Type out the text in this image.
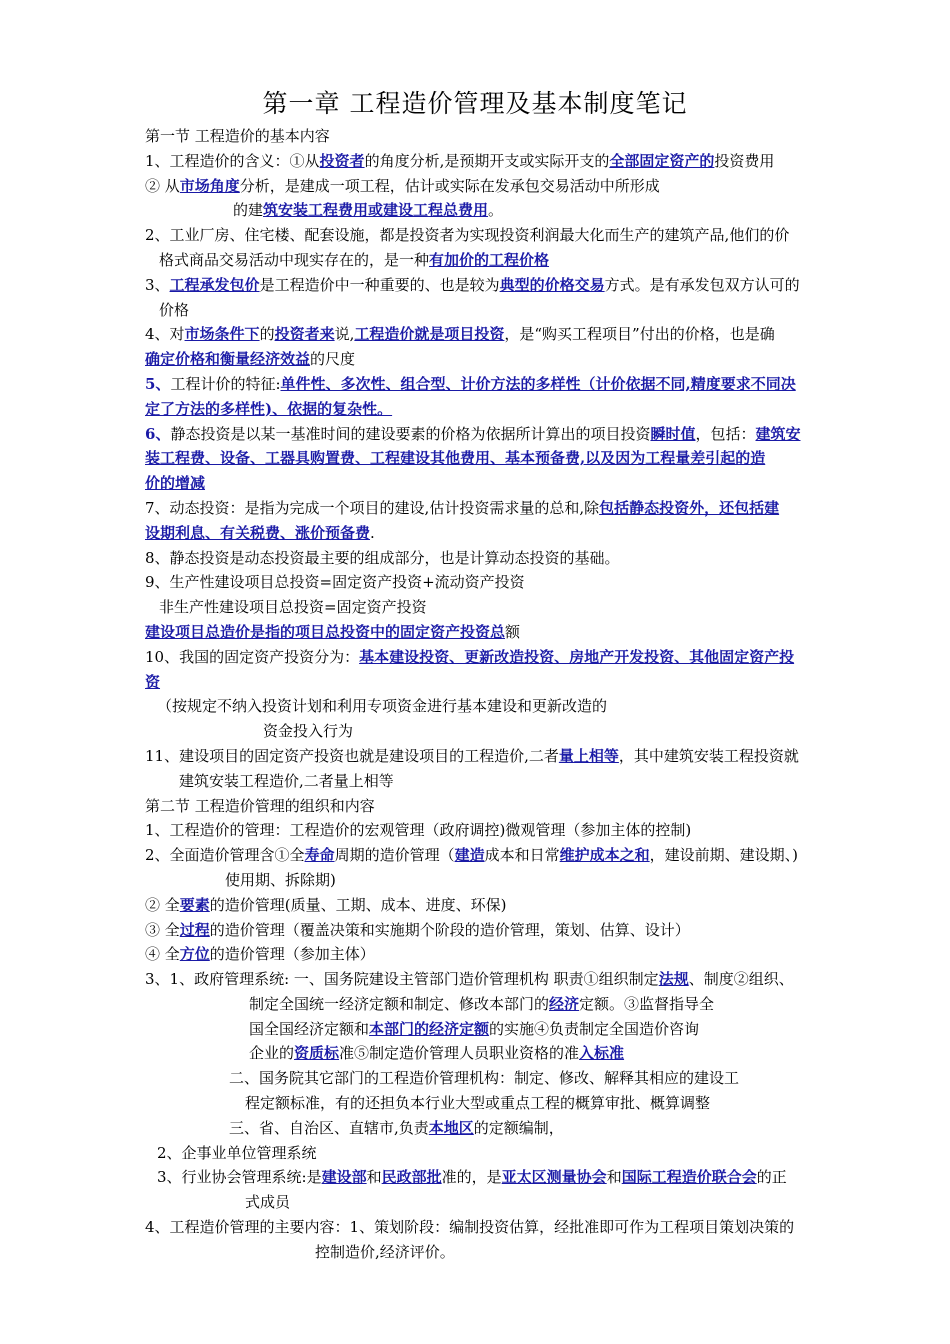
第一章 工程造价管理及基本制度笔记
第一节 工程造价的基本内容
1、工程造价的含义：①从投资者的角度分析,是预期开支或实际开支的全部固定资产的投资费用
② 从市场角度分析，是建成一项工程，估计或实际在发承包交易活动中所形成
的建筑安装工程费用或建设工程总费用。
2、工业厂房、住宅楼、配套设施，都是投资者为实现投资利润最大化而生产的建筑产品,他们的价
格式商品交易活动中现实存在的，是一种有加价的工程价格
3、工程承发包价是工程造价中一种重要的、也是较为典型的价格交易方式。是有承发包双方认可的
价格
4、对市场条件下的投资者来说,工程造价就是项目投资，是“购买工程项目”付出的价格，也是确
确定价格和衡量经济效益的尺度
5、工程计价的特征:单件性、多次性、组合型、计价方法的多样性（计价依据不同,精度要求不同决
定了方法的多样性)、依据的复杂性。
6、静态投资是以某一基准时间的建设要素的价格为依据所计算出的项目投资瞬时值，包括：建筑安
装工程费、设备、工器具购置费、工程建设其他费用、基本预备费,以及因为工程量差引起的造
价的增减
7、动态投资：是指为完成一个项目的建设,估计投资需求量的总和,除包括静态投资外，还包括建
设期利息、有关税费、涨价预备费.
8、静态投资是动态投资最主要的组成部分，也是计算动态投资的基础。
9、生产性建设项目总投资=固定资产投资+流动资产投资
非生产性建设项目总投资=固定资产投资
建设项目总造价是指的项目总投资中的固定资产投资总额
10、我国的固定资产投资分为：基本建设投资、更新改造投资、房地产开发投资、其他固定资产投
资
（按规定不纳入投资计划和利用专项资金进行基本建设和更新改造的
资金投入行为
11、建设项目的固定资产投资也就是建设项目的工程造价,二者量上相等，其中建筑安装工程投资就
建筑安装工程造价,二者量上相等
第二节 工程造价管理的组织和内容
1、工程造价的管理：工程造价的宏观管理（政府调控)微观管理（参加主体的控制)
2、全面造价管理含①全寿命周期的造价管理（建造成本和日常维护成本之和，建设前期、建设期、)
使用期、拆除期)
② 全要素的造价管理(质量、工期、成本、进度、环保)
③ 全过程的造价管理（覆盖决策和实施期个阶段的造价管理，策划、估算、设计）
④ 全方位的造价管理（参加主体）
3、1、政府管理系统: 一、国务院建设主管部门造价管理机构 职责①组织制定法规、制度②组织、
制定全国统一经济定额和制定、修改本部门的经济定额。③监督指导全
国全国经济定额和本部门的经济定额的实施④负责制定全国造价咨询
企业的资质标准⑤制定造价管理人员职业资格的准入标准
二、国务院其它部门的工程造价管理机构：制定、修改、解释其相应的建设工
程定额标准，有的还担负本行业大型或重点工程的概算审批、概算调整
三、省、自治区、直辖市,负责本地区的定额编制，
2、企事业单位管理系统
3、行业协会管理系统:是建设部和民政部批准的，是亚太区测量协会和国际工程造价联合会的正
式成员
4、工程造价管理的主要内容：1、策划阶段：编制投资估算，经批准即可作为工程项目策划决策的
控制造价,经济评价。
